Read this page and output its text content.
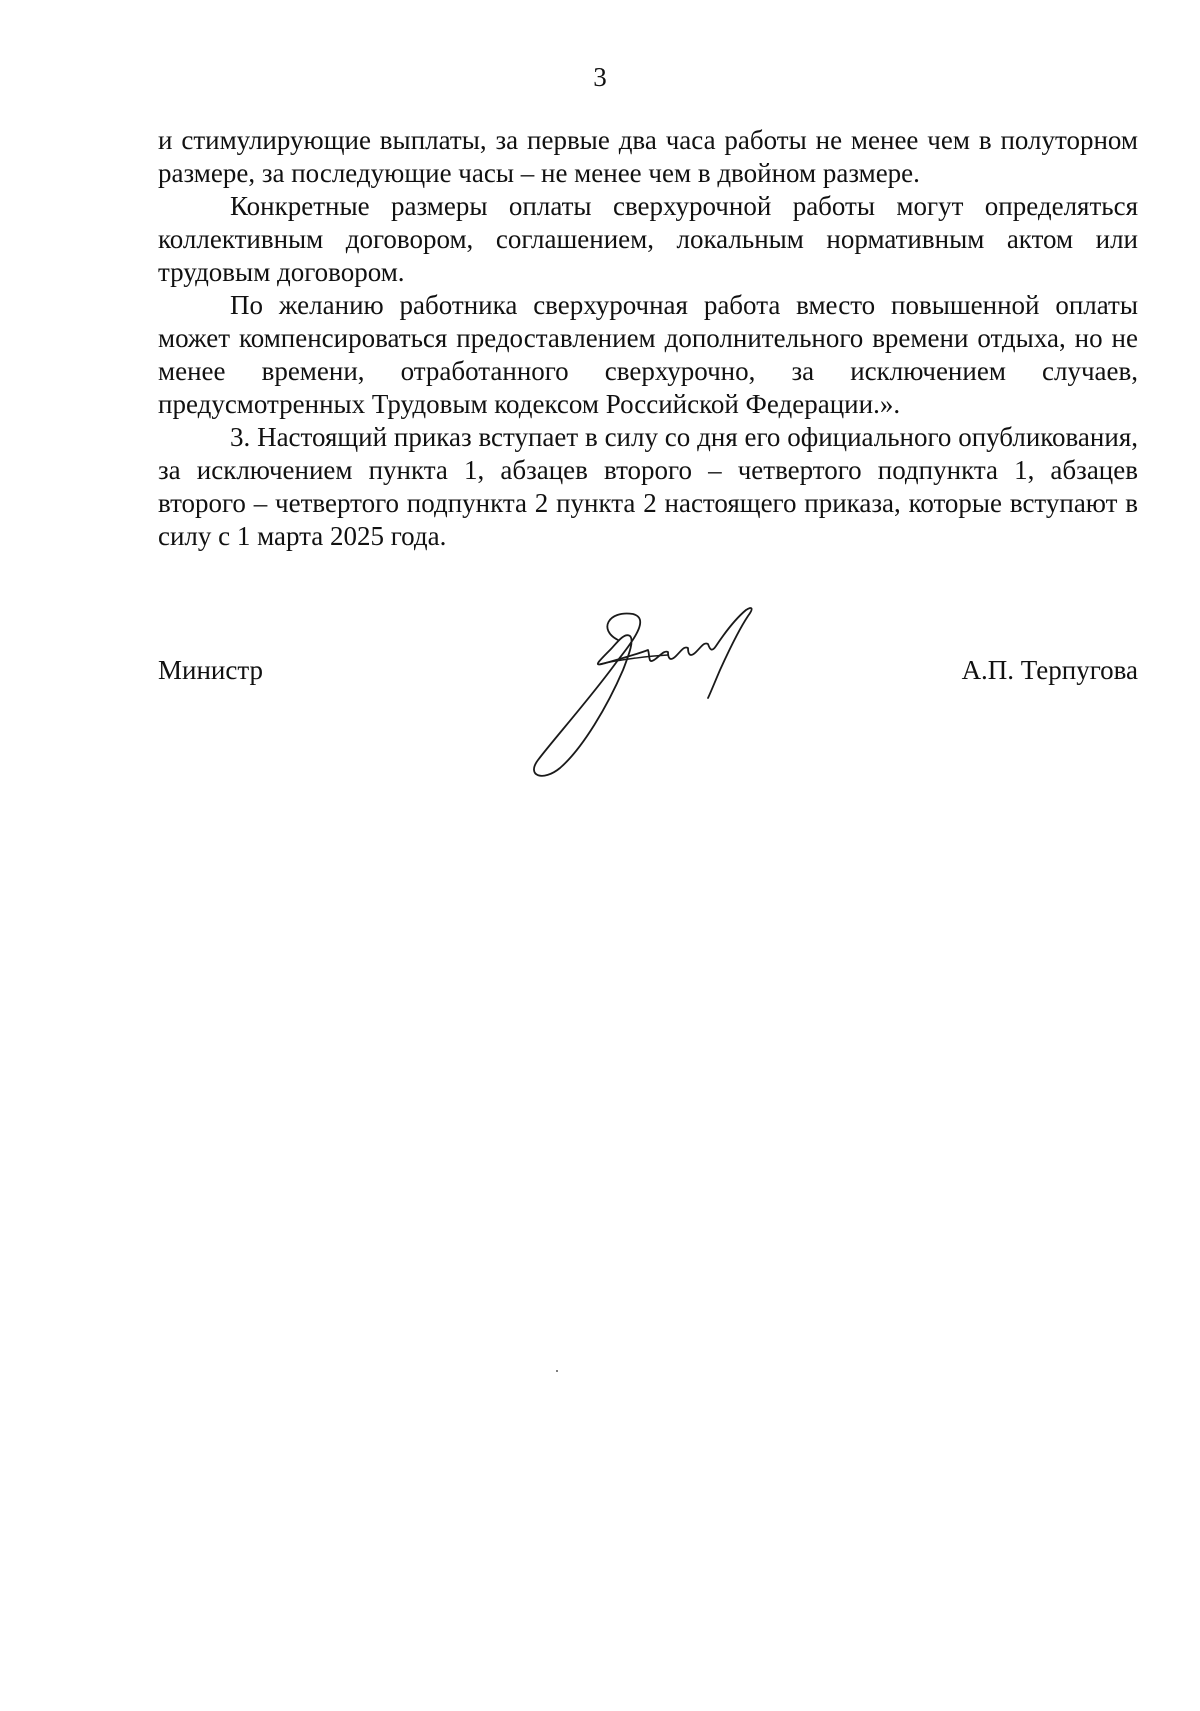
3

и стимулирующие выплаты, за первые два часа работы не менее чем в полуторном размере, за последующие часы – не менее чем в двойном размере.

Конкретные размеры оплаты сверхурочной работы могут определяться коллективным договором, соглашением, локальным нормативным актом или трудовым договором.

По желанию работника сверхурочная работа вместо повышенной оплаты может компенсироваться предоставлением дополнительного времени отдыха, но не менее времени, отработанного сверхурочно, за исключением случаев, предусмотренных Трудовым кодексом Российской Федерации.».

3. Настоящий приказ вступает в силу со дня его официального опубликования, за исключением пункта 1, абзацев второго – четвертого подпункта 1, абзацев второго – четвертого подпункта 2 пункта 2 настоящего приказа, которые вступают в силу с 1 марта 2025 года.

Министр	А.П. Терпугова
